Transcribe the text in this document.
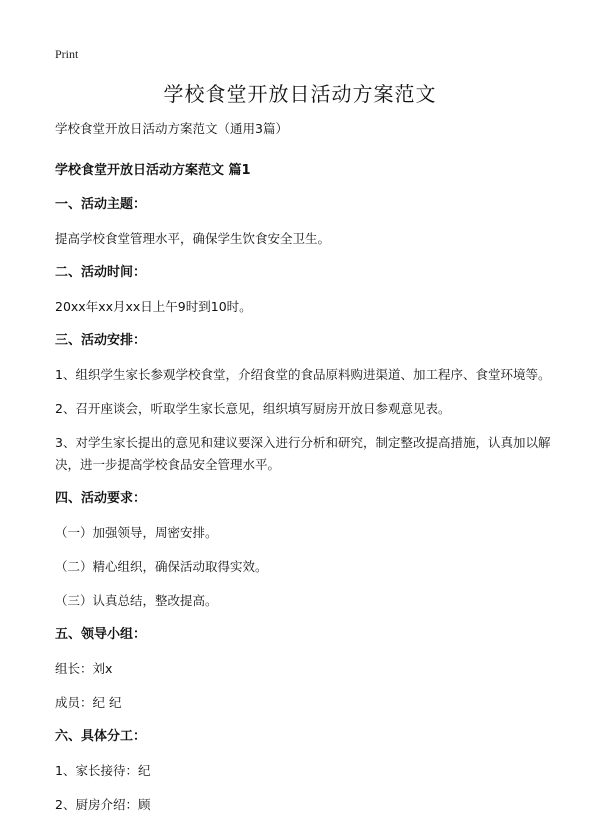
Print
学校食堂开放日活动方案范文

学校食堂开放日活动方案范文（通用3篇）

学校食堂开放日活动方案范文 篇1

一、活动主题：

提高学校食堂管理水平，确保学生饮食安全卫生。

二、活动时间：

20xx年xx月xx日上午9时到10时。

三、活动安排：

1、组织学生家长参观学校食堂，介绍食堂的食品原料购进渠道、加工程序、食堂环境等。

2、召开座谈会，听取学生家长意见，组织填写厨房开放日参观意见表。

3、对学生家长提出的意见和建议要深入进行分析和研究，制定整改提高措施，认真加以解决，进一步提高学校食品安全管理水平。

四、活动要求：

（一）加强领导，周密安排。

（二）精心组织，确保活动取得实效。

（三）认真总结，整改提高。

五、领导小组：

组长：刘x

成员：纪 纪

六、具体分工：

1、家长接待：纪

2、厨房介绍：顾
